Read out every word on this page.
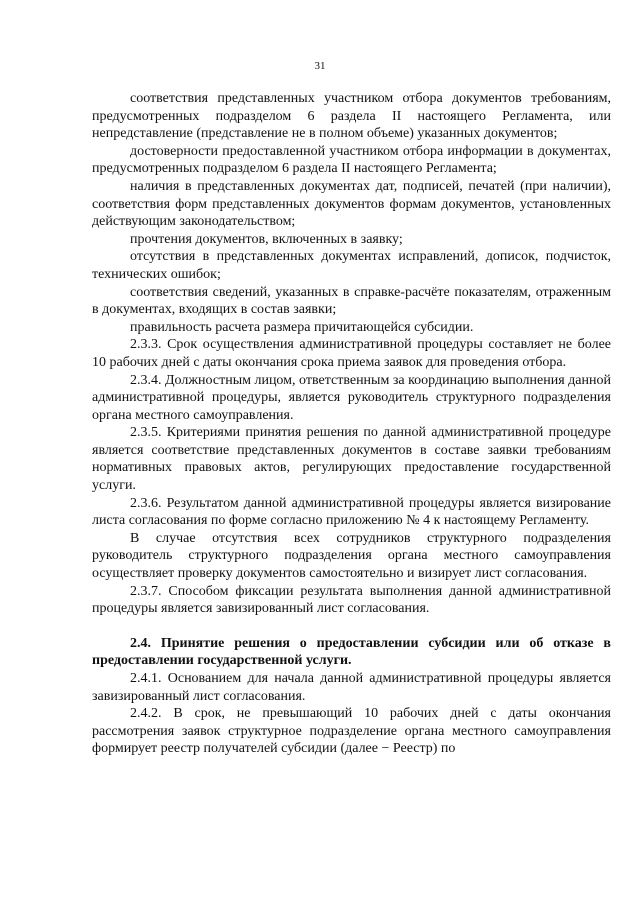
31

соответствия представленных участником отбора документов требованиям, предусмотренных подразделом 6 раздела II настоящего Регламента, или непредставление (представление не в полном объеме) указанных документов;

достоверности предоставленной участником отбора информации в документах, предусмотренных подразделом 6 раздела II настоящего Регламента;

наличия в представленных документах дат, подписей, печатей (при наличии), соответствия форм представленных документов формам документов, установленных действующим законодательством;

прочтения документов, включенных в заявку;

отсутствия в представленных документах исправлений, дописок, подчисток, технических ошибок;

соответствия сведений, указанных в справке-расчёте показателям, отраженным в документах, входящих в состав заявки;

правильность расчета размера причитающейся субсидии.

2.3.3. Срок осуществления административной процедуры составляет не более 10 рабочих дней с даты окончания срока приема заявок для проведения отбора.

2.3.4. Должностным лицом, ответственным за координацию выполнения данной административной процедуры, является руководитель структурного подразделения органа местного самоуправления.

2.3.5. Критериями принятия решения по данной административной процедуре является соответствие представленных документов в составе заявки требованиям нормативных правовых актов, регулирующих предоставление государственной услуги.

2.3.6. Результатом данной административной процедуры является визирование листа согласования по форме согласно приложению № 4 к настоящему Регламенту.

В случае отсутствия всех сотрудников структурного подразделения руководитель структурного подразделения органа местного самоуправления осуществляет проверку документов самостоятельно и визирует лист согласования.

2.3.7. Способом фиксации результата выполнения данной административной процедуры является завизированный лист согласования.

2.4. Принятие решения о предоставлении субсидии или об отказе в предоставлении государственной услуги.

2.4.1. Основанием для начала данной административной процедуры является завизированный лист согласования.

2.4.2. В срок, не превышающий 10 рабочих дней с даты окончания рассмотрения заявок структурное подразделение органа местного самоуправления формирует реестр получателей субсидии (далее − Реестр) по
